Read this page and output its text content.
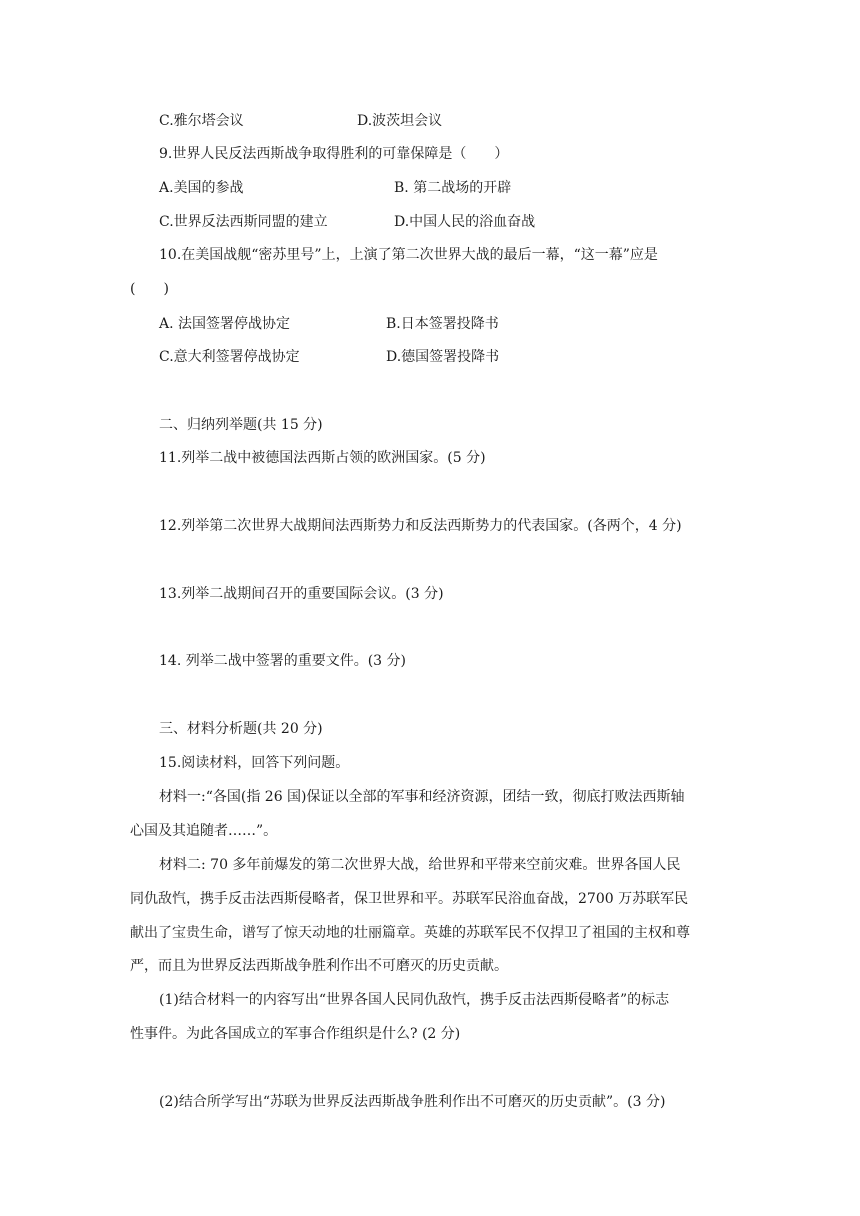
C.雅尔塔会议	D.波茨坦会议
9.世界人民反法西斯战争取得胜利的可靠保障是（　　）
A.美国的参战	B. 第二战场的开辟
C.世界反法西斯同盟的建立	D.中国人民的浴血奋战
10.在美国战舰“密苏里号”上，上演了第二次世界大战的最后一幕，“这一幕”应是
(　　)
A. 法国签署停战协定	B.日本签署投降书
C.意大利签署停战协定	D.德国签署投降书
二、归纳列举题(共 15 分)
11.列举二战中被德国法西斯占领的欧洲国家。(5 分)
12.列举第二次世界大战期间法西斯势力和反法西斯势力的代表国家。(各两个，4 分)
13.列举二战期间召开的重要国际会议。(3 分)
14. 列举二战中签署的重要文件。(3 分)
三、材料分析题(共 20 分)
15.阅读材料，回答下列问题。
材料一:“各国(指 26 国)保证以全部的军事和经济资源，团结一致，彻底打败法西斯轴
心国及其追随者……”。
材料二: 70 多年前爆发的第二次世界大战，给世界和平带来空前灾难。世界各国人民
同仇敌忾，携手反击法西斯侵略者，保卫世界和平。苏联军民浴血奋战，2700 万苏联军民
献出了宝贵生命，谱写了惊天动地的壮丽篇章。英雄的苏联军民不仅捍卫了祖国的主权和尊
严，而且为世界反法西斯战争胜利作出不可磨灭的历史贡献。
(1)结合材料一的内容写出“世界各国人民同仇敌忾，携手反击法西斯侵略者”的标志
性事件。为此各国成立的军事合作组织是什么? (2 分)
(2)结合所学写出“苏联为世界反法西斯战争胜利作出不可磨灭的历史贡献”。(3 分)
